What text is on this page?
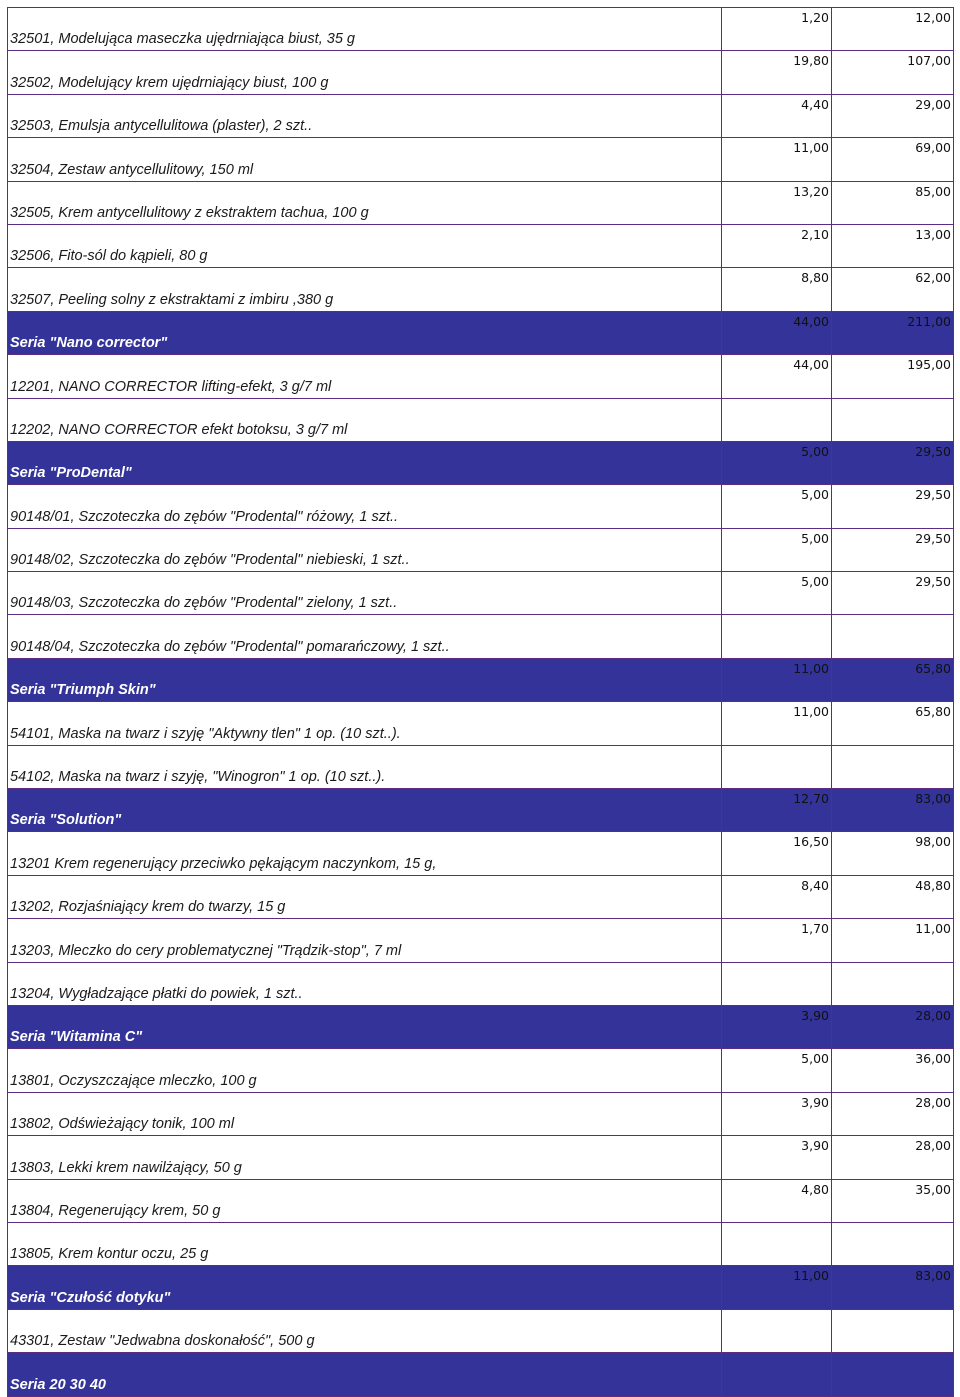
32501, Modelująca maseczka ujędrniająca biust, 35 g	1,20	12,00
32502, Modelujący krem ujędrniający biust, 100 g	19,80	107,00
32503, Emulsja antycellulitowa (plaster), 2 szt..	4,40	29,00
32504, Zestaw antycellulitowy, 150 ml	11,00	69,00
32505, Krem antycellulitowy z ekstraktem tachua, 100 g	13,20	85,00
32506, Fito-sól do kąpieli, 80 g	2,10	13,00
32507, Peeling solny z ekstraktami z imbiru ,380 g	8,80	62,00
Seria "Nano corrector"	44,00	211,00
12201, NANO CORRECTOR lifting-efekt, 3 g/7 ml	44,00	195,00
12202, NANO CORRECTOR efekt botoksu, 3 g/7 ml		
Seria "ProDental"	5,00	29,50
90148/01, Szczoteczka do zębów "Prodental" różowy, 1 szt..	5,00	29,50
90148/02, Szczoteczka do zębów "Prodental" niebieski, 1 szt..	5,00	29,50
90148/03, Szczoteczka do zębów "Prodental" zielony, 1 szt..	5,00	29,50
90148/04, Szczoteczka do zębów "Prodental" pomarańczowy, 1 szt..		
Seria "Triumph Skin"	11,00	65,80
54101, Maska na twarz i szyję "Aktywny tlen" 1 op. (10 szt..).	11,00	65,80
54102, Maska na twarz i szyję, "Winogron" 1 op. (10 szt..).		
Seria "Solution"	12,70	83,00
13201 Krem regenerujący przeciwko pękającym naczynkom, 15 g,	16,50	98,00
13202, Rozjaśniający krem do twarzy, 15 g	8,40	48,80
13203, Mleczko do cery problematycznej "Trądzik-stop", 7 ml	1,70	11,00
13204, Wygładzające płatki do powiek, 1 szt..		
Seria "Witamina C"	3,90	28,00
13801, Oczyszczające mleczko, 100 g	5,00	36,00
13802, Odświeżający tonik, 100 ml	3,90	28,00
13803, Lekki krem nawilżający, 50 g	3,90	28,00
13804, Regenerujący krem, 50 g	4,80	35,00
13805, Krem kontur oczu, 25 g		
Seria "Czułość dotyku"	11,00	83,00
43301, Zestaw "Jedwabna doskonałość", 500 g		
Seria 20 30 40		
